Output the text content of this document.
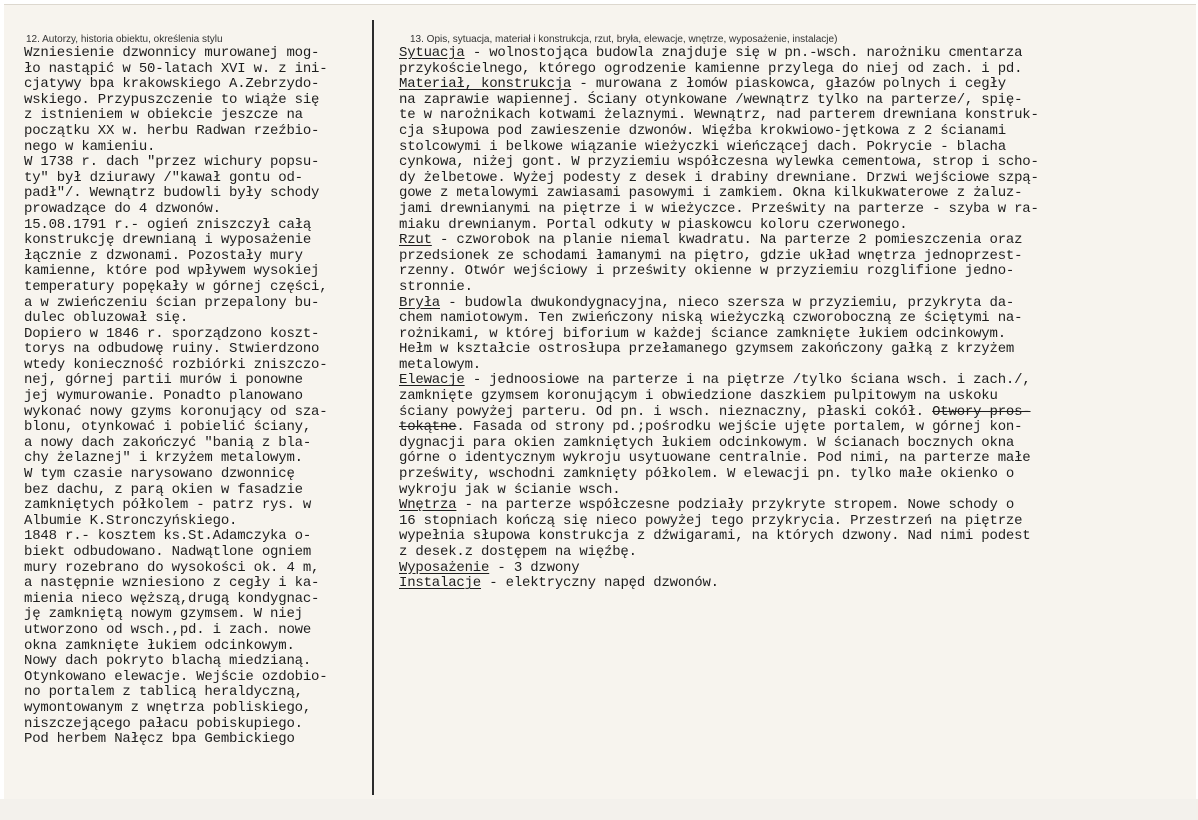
12. Autorzy, historia obiektu, określenia stylu	13. Opis, sytuacja, materiał i konstrukcja, rzut, bryła, elewacje, wnętrze, wyposażenie, instalacje)
Wzniesienie dzwonnicy murowanej mog-
ło nastąpić w 50-latach XVI w. z ini-
cjatywy bpa krakowskiego A.Zebrzydo-
wskiego. Przypuszczenie to wiąże się
z istnieniem w obiekcie jeszcze na
początku XX w. herbu Radwan rzeźbio-
nego w kamieniu.
W 1738 r. dach "przez wichury popsu-
ty" był dziurawy /"kawał gontu od-
padł"/. Wewnątrz budowli były schody
prowadzące do 4 dzwonów.
15.08.1791 r.- ogień zniszczył całą
konstrukcję drewnianą i wyposażenie
łącznie z dzwonami. Pozostały mury
kamienne, które pod wpływem wysokiej
temperatury popękały w górnej części,
a w zwieńczeniu ścian przepalony bu-
dulec obluzował się.
Dopiero w 1846 r. sporządzono koszt-
torys na odbudowę ruiny. Stwierdzono
wtedy konieczność rozbiórki zniszczo-
nej, górnej partii murów i ponowne
jej wymurowanie. Ponadto planowano
wykonać nowy gzyms koronujący od sza-
blonu, otynkować i pobielić ściany,
a nowy dach zakończyć "banią z bla-
chy żelaznej" i krzyżem metalowym.
W tym czasie narysowano dzwonnicę
bez dachu, z parą okien w fasadzie
zamkniętych półkolem - patrz rys. w
Albumie K.Stronczyńskiego.
1848 r.- kosztem ks.St.Adamczyka o-
biekt odbudowano. Nadwątlone ogniem
mury rozebrano do wysokości ok. 4 m,
a następnie wzniesiono z cegły i ka-
mienia nieco węższą,drugą kondygnac-
ję zamkniętą nowym gzymsem. W niej
utworzono od wsch.,pd. i zach. nowe
okna zamknięte łukiem odcinkowym.
Nowy dach pokryto blachą miedzianą.
Otynkowano elewacje. Wejście ozdobio-
no portalem z tablicą heraldyczną,
wymontowanym z wnętrza pobliskiego,
niszczejącego pałacu pobiskupiego.
Pod herbem Nałęcz bpa Gembickiego
Sytuacja - wolnostojąca budowla znajduje się w pn.-wsch. narożniku cmentarza
przykościelnego, którego ogrodzenie kamienne przylega do niej od zach. i pd.
Materiał, konstrukcja - murowana z łomów piaskowca, głazów polnych i cegły
na zaprawie wapiennej. Ściany otynkowane /wewnątrz tylko na parterze/, spię-
te w narożnikach kotwami żelaznymi. Wewnątrz, nad parterem drewniana konstruk-
cja słupowa pod zawieszenie dzwonów. Więźba krokwiowo-jętkowa z 2 ścianami
stolcowymi i belkowe wiązanie wieżyczki wieńczącej dach. Pokrycie - blacha
cynkowa, niżej gont. W przyziemiu współczesna wylewka cementowa, strop i scho-
dy żelbetowe. Wyżej podesty z desek i drabiny drewniane. Drzwi wejściowe szpą-
gowe z metalowymi zawiasami pasowymi i zamkiem. Okna kilkukwaterowe z żaluz-
jami drewnianymi na piętrze i w wieżyczce. Prześwity na parterze - szyba w ra-
miaku drewnianym. Portal odkuty w piaskowcu koloru czerwonego.
Rzut - czworobok na planie niemal kwadratu. Na parterze 2 pomieszczenia oraz
przedsionek ze schodami łamanymi na piętro, gdzie układ wnętrza jednoprzest-
rzenny. Otwór wejściowy i prześwity okienne w przyziemiu rozglifione jedno-
stronnie.
Bryła - budowla dwukondygnacyjna, nieco szersza w przyziemiu, przykryta da-
chem namiotowym. Ten zwieńczony niską wieżyczką czworoboczną ze ściętymi na-
rożnikami, w której biforium w każdej ściance zamknięte łukiem odcinkowym.
Hełm w kształcie ostrosłupa przełamanego gzymsem zakończony gałką z krzyżem
metalowym.
Elewacje - jednoosiowe na parterze i na piętrze /tylko ściana wsch. i zach./,
zamknięte gzymsem koronującym i obwiedzione daszkiem pulpitowym na uskoku
ściany powyżej parteru. Od pn. i wsch. nieznaczny, płaski cokół. Otwory pros-
tokątne. Fasada od strony pd.;pośrodku wejście ujęte portalem, w górnej kon-
dygnacji para okien zamkniętych łukiem odcinkowym. W ścianach bocznych okna
górne o identycznym wykroju usytuowane centralnie. Pod nimi, na parterze małe
prześwity, wschodni zamknięty półkolem. W elewacji pn. tylko małe okienko o
wykroju jak w ścianie wsch.
Wnętrza - na parterze współczesne podziały przykryte stropem. Nowe schody o
16 stopniach kończą się nieco powyżej tego przykrycia. Przestrzeń na piętrze
wypełnia słupowa konstrukcja z dźwigarami, na których dzwony. Nad nimi podest
z desek.z dostępem na więźbę.
Wyposażenie - 3 dzwony
Instalacje - elektryczny napęd dzwonów.
